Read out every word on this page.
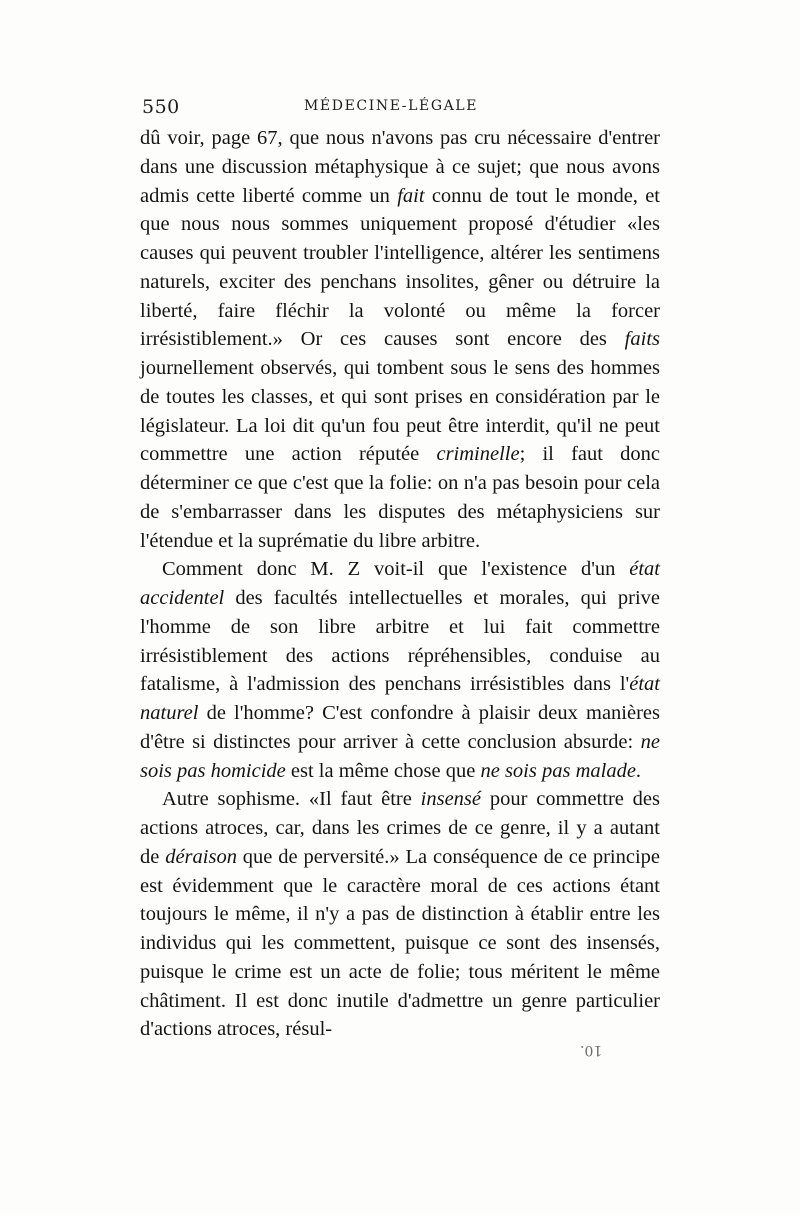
550	MÉDECINE-LÉGALE

dû voir, page 67, que nous n'avons pas cru nécessaire d'entrer dans une discussion métaphysique à ce sujet; que nous avons admis cette liberté comme un fait connu de tout le monde, et que nous nous sommes uniquement proposé d'étudier «les causes qui peuvent troubler l'intelligence, altérer les sentimens naturels, exciter des penchans insolites, gêner ou détruire la liberté, faire fléchir la volonté ou même la forcer irrésistiblement.» Or ces causes sont encore des faits journellement observés, qui tombent sous le sens des hommes de toutes les classes, et qui sont prises en considération par le législateur. La loi dit qu'un fou peut être interdit, qu'il ne peut commettre une action réputée criminelle; il faut donc déterminer ce que c'est que la folie: on n'a pas besoin pour cela de s'embarrasser dans les disputes des métaphysiciens sur l'étendue et la suprématie du libre arbitre.

Comment donc M. Z voit-il que l'existence d'un état accidentel des facultés intellectuelles et morales, qui prive l'homme de son libre arbitre et lui fait commettre irrésistiblement des actions répréhensibles, conduise au fatalisme, à l'admission des penchans irrésistibles dans l'état naturel de l'homme? C'est confondre à plaisir deux manières d'être si distinctes pour arriver à cette conclusion absurde: ne sois pas homicide est la même chose que ne sois pas malade.

Autre sophisme. «Il faut être insensé pour commettre des actions atroces, car, dans les crimes de ce genre, il y a autant de déraison que de perversité.» La conséquence de ce principe est évidemment que le caractère moral de ces actions étant toujours le même, il n'y a pas de distinction à établir entre les individus qui les commettent, puisque ce sont des insensés, puisque le crime est un acte de folie; tous méritent le même châtiment. Il est donc inutile d'admettre un genre particulier d'actions atroces, résul-

10.
